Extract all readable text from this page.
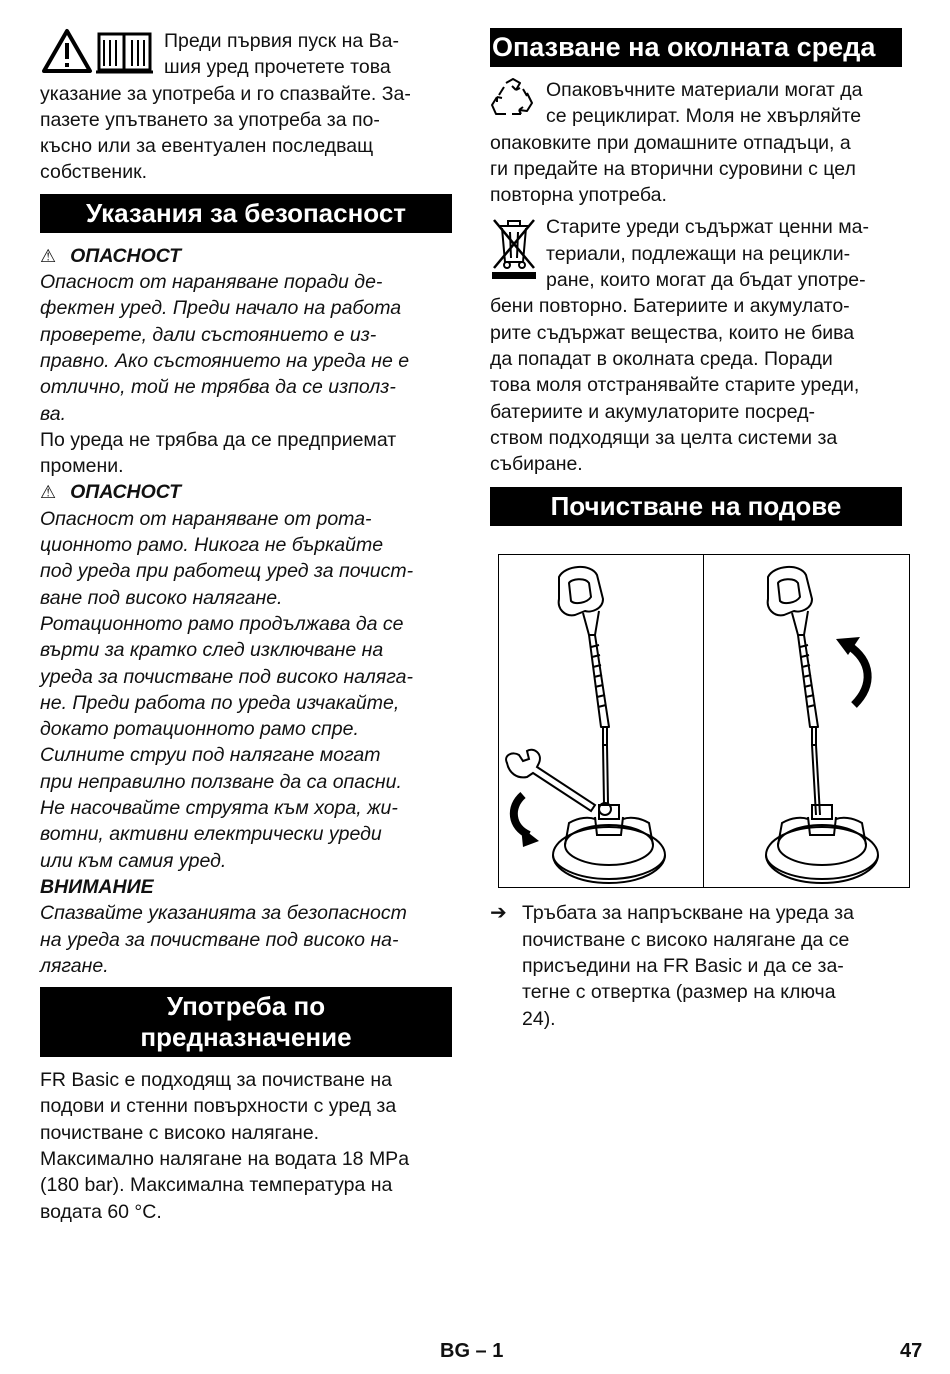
Преди първия пуск на Ва-

шия уред прочетете това

указание за употреба и го спазвайте. За-

пазете упътването за употреба за по-

късно или за евентуален последващ

собственик.

Указания за безопасност
⚠ ОПАСНОСТ

Опасност от нараняване поради де-

фектен уред. Преди начало на работа

проверете, дали състоянието е из-

правно. Ако състоянието на уреда не е

отлично, той не трябва да се използ-

ва.

По уреда не трябва да се предприемат

промени.

⚠ ОПАСНОСТ

Опасност от нараняване от рота-

ционното рамо. Никога не бъркайте

под уреда при работещ уред за почист-

ване под високо налягане.

Ротационното рамо продължава да се

върти за кратко след изключване на

уреда за почистване под високо наляга-

не. Преди работа по уреда изчакайте,

докато ротационното рамо спре.

Силните струи под налягане могат

при неправилно ползване да са опасни.

Не насочвайте струята към хора, жи-

вотни, активни електрически уреди

или към самия уред.

ВНИМАНИЕ

Спазвайте указанията за безопасност

на уреда за почистване под високо на-

лягане.

Употреба по
предназначение

FR Basic е подходящ за почистване на

подови и стенни повърхности с уред за

почистване с високо налягане.

Максимално налягане на водата 18 MPa

(180 bar). Максимална температура на

водата 60 °C.

Опазване на околната среда

Опаковъчните материали могат да

се рециклират. Моля не хвърляйте

опаковките при домашните отпадъци, а

ги предайте на вторични суровини с цел

повторна употреба.

Старите уреди съдържат ценни ма-

териали, подлежащи на рецикли-

ране, които могат да бъдат употре-

бени повторно. Батериите и акумулато-

рите съдържат вещества, които не бива

да попадат в околната среда. Поради

това моля отстранявайте старите уреди,

батериите и акумулаторите посред-

ством подходящи за целта системи за

събиране.

Почистване на подове
➔ Тръбата за напръскване на уреда за

почистване с високо налягане да се

присъедини на FR Basic и да се за-

тегне с отвертка (размер на ключа

24).

BG – 1	47
